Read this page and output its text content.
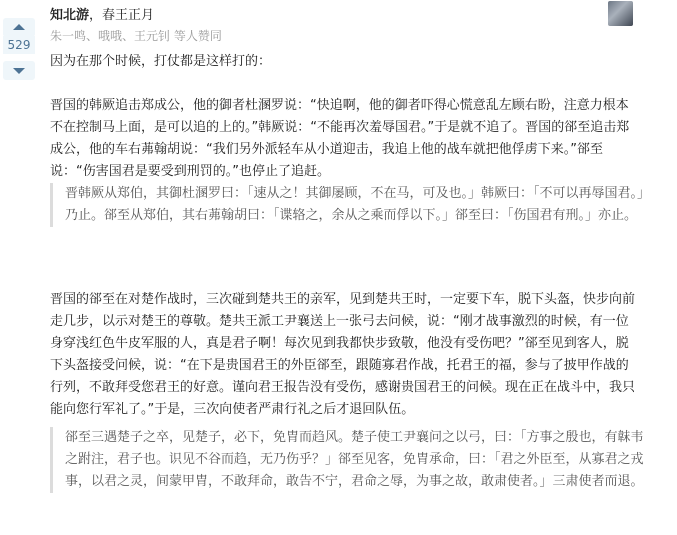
529
知北游，春王正月
朱一鸣、哦哦、王元钊 等人赞同
因为在那个时候，打仗都是这样打的：
晋国的韩厥追击郑成公，他的御者杜溷罗说：“快追啊，他的御者吓得心慌意乱左顾右盼，注意力根本不在控制马上面，是可以追的上的。”韩厥说：“不能再次羞辱国君。”于是就不追了。晋国的郤至追击郑成公，他的车右茀翰胡说：“我们另外派轻车从小道迎击，我追上他的战车就把他俘虏下来。”郤至说：“伤害国君是要受到刑罚的。”也停止了追赶。
晋韩厥从郑伯，其御杜溷罗曰：「速从之！其御屡顾，不在马，可及也。」韩厥曰：「不可以再辱国君。」乃止。郤至从郑伯，其右茀翰胡曰：「谍辂之，余从之乘而俘以下。」郤至曰：「伤国君有刑。」亦止。
晋国的郤至在对楚作战时，三次碰到楚共王的亲军，见到楚共王时，一定要下车，脱下头盔，快步向前走几步，以示对楚王的尊敬。楚共王派工尹襄送上一张弓去问候，说：“刚才战事激烈的时候，有一位身穿浅红色牛皮军服的人，真是君子啊！每次见到我都快步致敬，他没有受伤吧？”郤至见到客人，脱下头盔接受问候，说：“在下是贵国君王的外臣郤至，跟随寡君作战，托君王的福，参与了披甲作战的行列，不敢拜受您君王的好意。谨向君王报告没有受伤，感谢贵国君王的问候。现在正在战斗中，我只能向您行军礼了。”于是，三次向使者严肃行礼之后才退回队伍。
郤至三遇楚子之卒，见楚子，必下，免胄而趋风。楚子使工尹襄问之以弓，曰：「方事之殷也，有韎韦之跗注，君子也。识见不谷而趋，无乃伤乎？」郤至见客，免胄承命，曰：「君之外臣至，从寡君之戎事，以君之灵，间蒙甲胄，不敢拜命，敢告不宁，君命之辱，为事之故，敢肃使者。」三肃使者而退。
